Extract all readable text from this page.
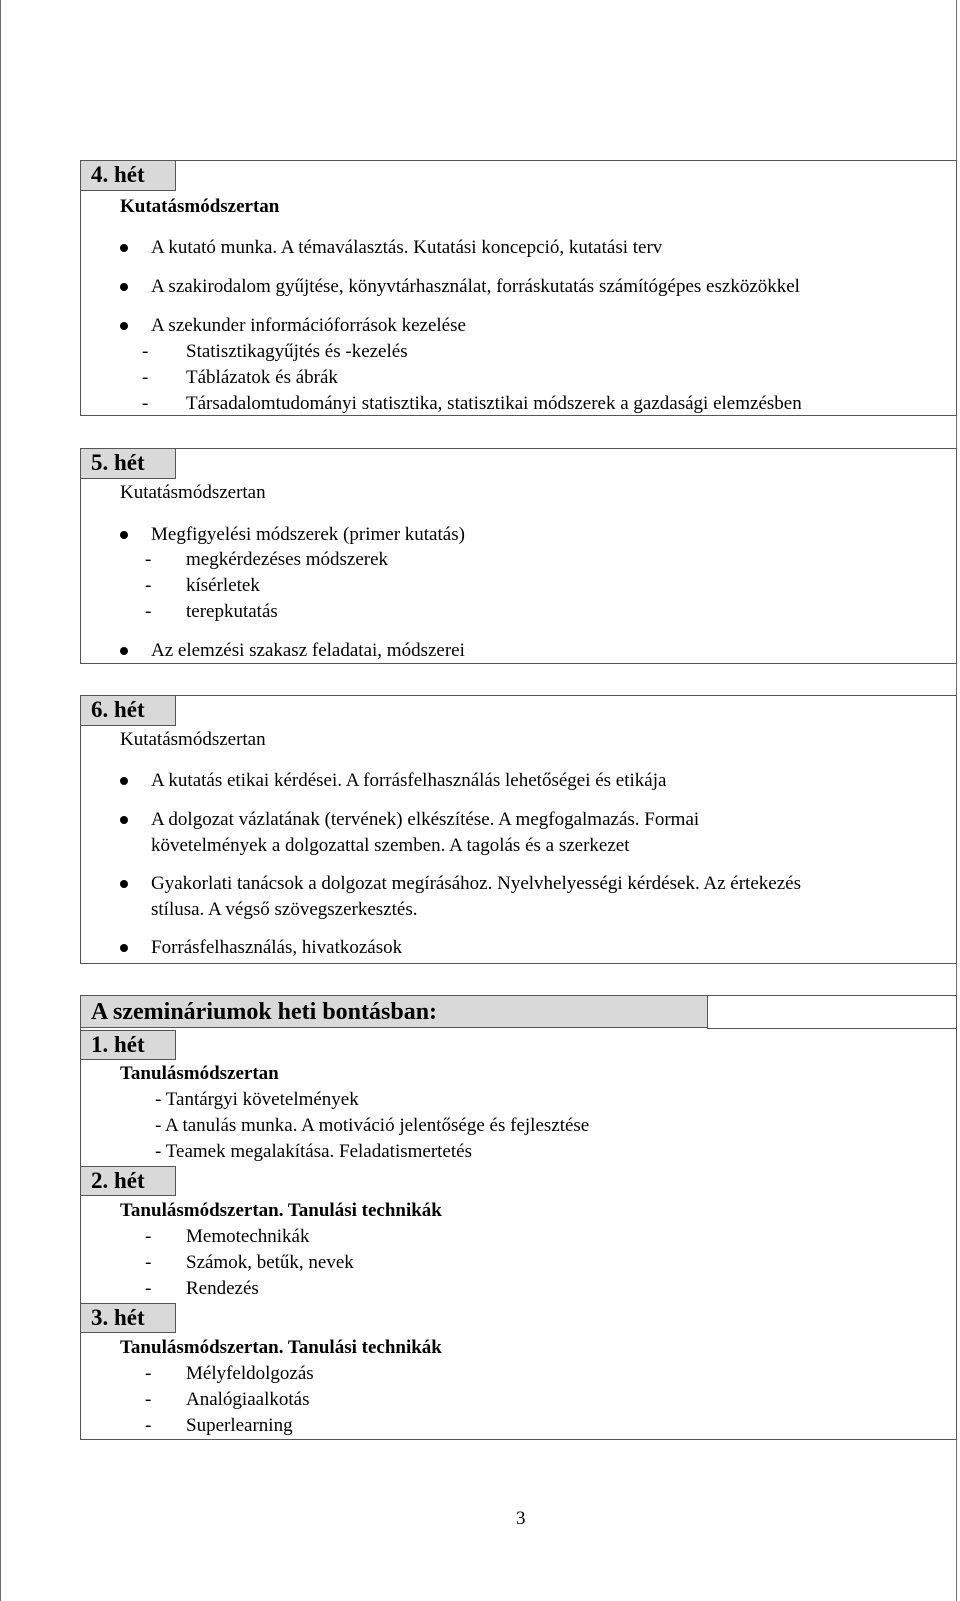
4. hét
Kutatásmódszertan
A kutató munka. A témaválasztás. Kutatási koncepció, kutatási terv
A szakirodalom gyűjtése, könyvtárhasználat, forráskutatás számítógépes eszközökkel
A szekunder információforrások kezelése
- Statisztikagyűjtés és -kezelés
- Táblázatok és ábrák
- Társadalomtudományi statisztika, statisztikai módszerek a gazdasági elemzésben
5. hét
Kutatásmódszertan
Megfigyelési módszerek (primer kutatás)
- megkérdezéses módszerek
- kísérletek
- terepkutatás
Az elemzési szakasz feladatai, módszerei
6. hét
Kutatásmódszertan
A kutatás etikai kérdései. A forrásfelhasználás lehetőségei és etikája
A dolgozat vázlatának (tervének) elkészítése. A megfogalmazás. Formai
követelmények a dolgozattal szemben. A tagolás és a szerkezet
Gyakorlati tanácsok a dolgozat megírásához. Nyelvhelyességi kérdések. Az értekezés
stílusa. A végső szövegszerkesztés.
Forrásfelhasználás, hivatkozások
A szemináriumok heti bontásban:
1. hét
Tanulásmódszertan
- Tantárgyi követelmények
- A tanulás munka. A motiváció jelentősége és fejlesztése
- Teamek megalakítása. Feladatismertetés
2. hét
Tanulásmódszertan. Tanulási technikák
- Memotechnikák
- Számok, betűk, nevek
- Rendezés
3. hét
Tanulásmódszertan. Tanulási technikák
- Mélyfeldolgozás
- Analógiaalkotás
- Superlearning
3
